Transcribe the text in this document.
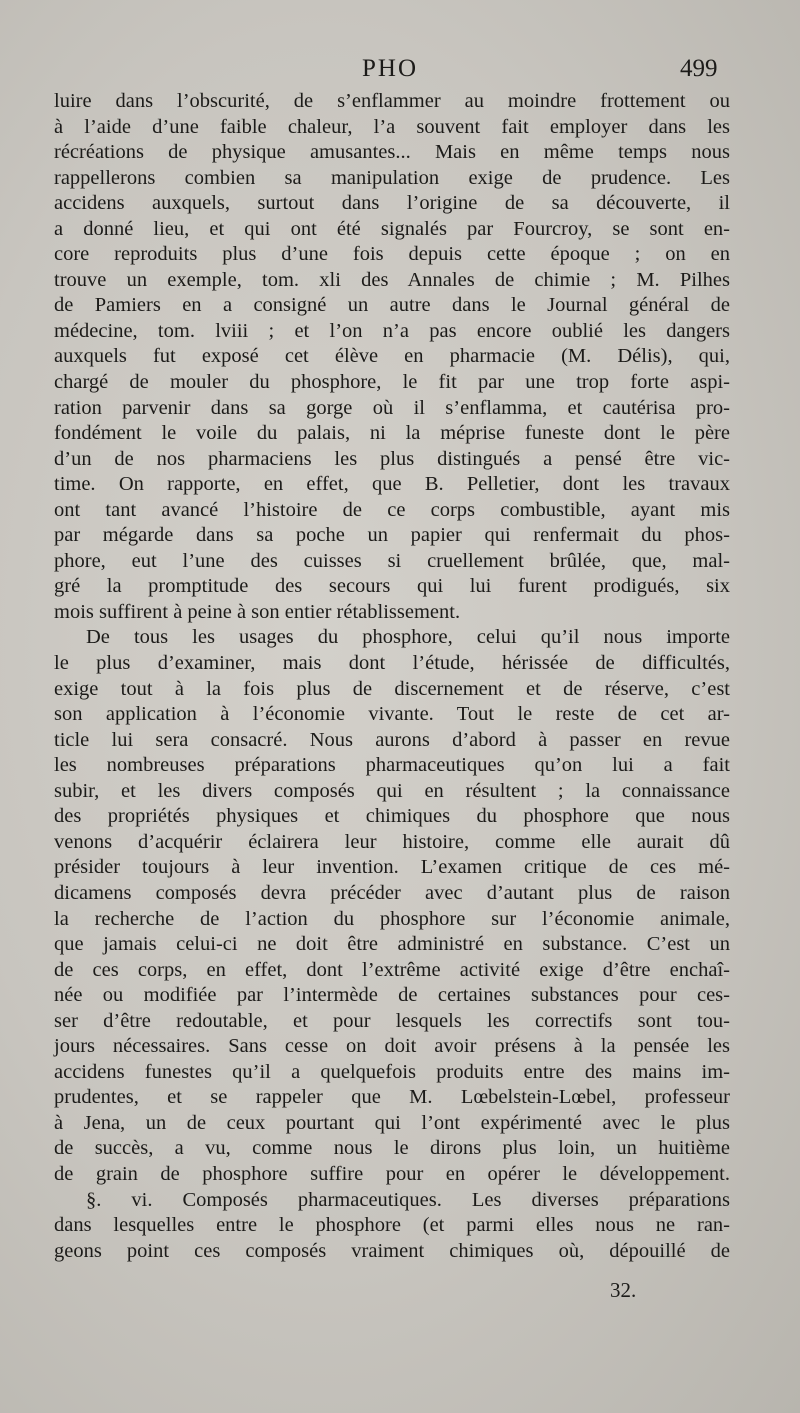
PHO	499
luire dans l’obscurité, de s’enflammer au moindre frottement ou
à l’aide d’une faible chaleur, l’a souvent fait employer dans les
récréations de physique amusantes... Mais en même temps nous
rappellerons combien sa manipulation exige de prudence. Les
accidens auxquels, surtout dans l’origine de sa découverte, il
a donné lieu, et qui ont été signalés par Fourcroy, se sont en-
core reproduits plus d’une fois depuis cette époque ; on en
trouve un exemple, tom. xli des Annales de chimie ; M. Pilhes
de Pamiers en a consigné un autre dans le Journal général de
médecine, tom. lviii ; et l’on n’a pas encore oublié les dangers
auxquels fut exposé cet élève en pharmacie (M. Délis), qui,
chargé de mouler du phosphore, le fit par une trop forte aspi-
ration parvenir dans sa gorge où il s’enflamma, et cautérisa pro-
fondément le voile du palais, ni la méprise funeste dont le père
d’un de nos pharmaciens les plus distingués a pensé être vic-
time. On rapporte, en effet, que B. Pelletier, dont les travaux
ont tant avancé l’histoire de ce corps combustible, ayant mis
par mégarde dans sa poche un papier qui renfermait du phos-
phore, eut l’une des cuisses si cruellement brûlée, que, mal-
gré la promptitude des secours qui lui furent prodigués, six
mois suffirent à peine à son entier rétablissement.
De tous les usages du phosphore, celui qu’il nous importe
le plus d’examiner, mais dont l’étude, hérissée de difficultés,
exige tout à la fois plus de discernement et de réserve, c’est
son application à l’économie vivante. Tout le reste de cet ar-
ticle lui sera consacré. Nous aurons d’abord à passer en revue
les nombreuses préparations pharmaceutiques qu’on lui a fait
subir, et les divers composés qui en résultent ; la connaissance
des propriétés physiques et chimiques du phosphore que nous
venons d’acquérir éclairera leur histoire, comme elle aurait dû
présider toujours à leur invention. L’examen critique de ces mé-
dicamens composés devra précéder avec d’autant plus de raison
la recherche de l’action du phosphore sur l’économie animale,
que jamais celui-ci ne doit être administré en substance. C’est un
de ces corps, en effet, dont l’extrême activité exige d’être enchaî-
née ou modifiée par l’intermède de certaines substances pour ces-
ser d’être redoutable, et pour lesquels les correctifs sont tou-
jours nécessaires. Sans cesse on doit avoir présens à la pensée les
accidens funestes qu’il a quelquefois produits entre des mains im-
prudentes, et se rappeler que M. Lœbelstein-Lœbel, professeur
à Jena, un de ceux pourtant qui l’ont expérimenté avec le plus
de succès, a vu, comme nous le dirons plus loin, un huitième
de grain de phosphore suffire pour en opérer le développement.
§. vi. Composés pharmaceutiques. Les diverses préparations
dans lesquelles entre le phosphore (et parmi elles nous ne ran-
geons point ces composés vraiment chimiques où, dépouillé de
32.
